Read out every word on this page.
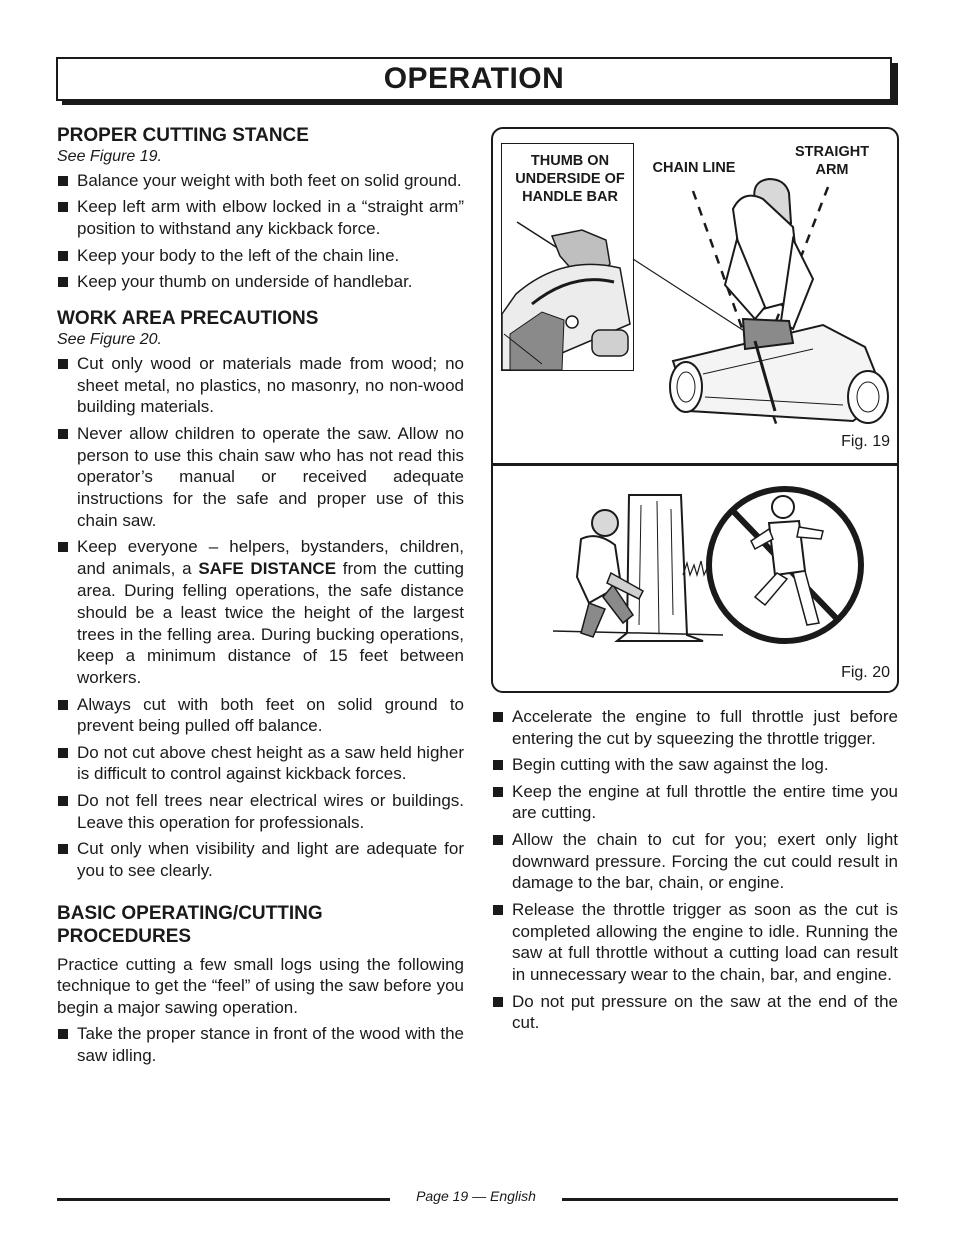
OPERATION
PROPER CUTTING STANCE
See Figure 19.
Balance your weight with both feet on solid ground.
Keep left arm with elbow locked in a “straight arm” position to withstand any kickback force.
Keep your body to the left of the chain line.
Keep your thumb on underside of handlebar.
WORK AREA PRECAUTIONS
See Figure 20.
Cut only wood or materials made from wood; no sheet metal, no plastics, no masonry, no non-wood building materials.
Never allow children to operate the saw. Allow no person to use this chain saw who has not read this operator’s manual or received adequate instructions for the safe and proper use of this chain saw.
Keep everyone – helpers, bystanders, children, and animals, a SAFE DISTANCE from the cutting area. During felling operations, the safe distance should be a least twice the height of the largest trees in the felling area. During bucking operations, keep a minimum distance of 15 feet between workers.
Always cut with both feet on solid ground to prevent being pulled off balance.
Do not cut above chest height as a saw held higher is difficult to control against kickback forces.
Do not fell trees near electrical wires or buildings. Leave this operation for professionals.
Cut only when visibility and light are adequate for you to see clearly.
BASIC OPERATING/CUTTING
PROCEDURES

Practice cutting a few small logs using the following technique to get the “feel” of using the saw before you begin a major sawing operation.

Take the proper stance in front of the wood with the saw idling.
THUMB ON
UNDERSIDE OF
HANDLE BAR
CHAIN LINE
STRAIGHT
ARM
Fig. 19
Fig. 20
Accelerate the engine to full throttle just before entering the cut by squeezing the throttle trigger.
Begin cutting with the saw against the log.
Keep the engine at full throttle the entire time you are cutting.
Allow the chain to cut for you; exert only light downward pressure. Forcing the cut could result in damage to the bar, chain, or engine.
Release the throttle trigger as soon as the cut is completed allowing the engine to idle. Running the saw at full throttle without a cutting load can result in unnecessary wear to the chain, bar, and engine.
Do not put pressure on the saw at the end of the cut.
Page 19 — English
